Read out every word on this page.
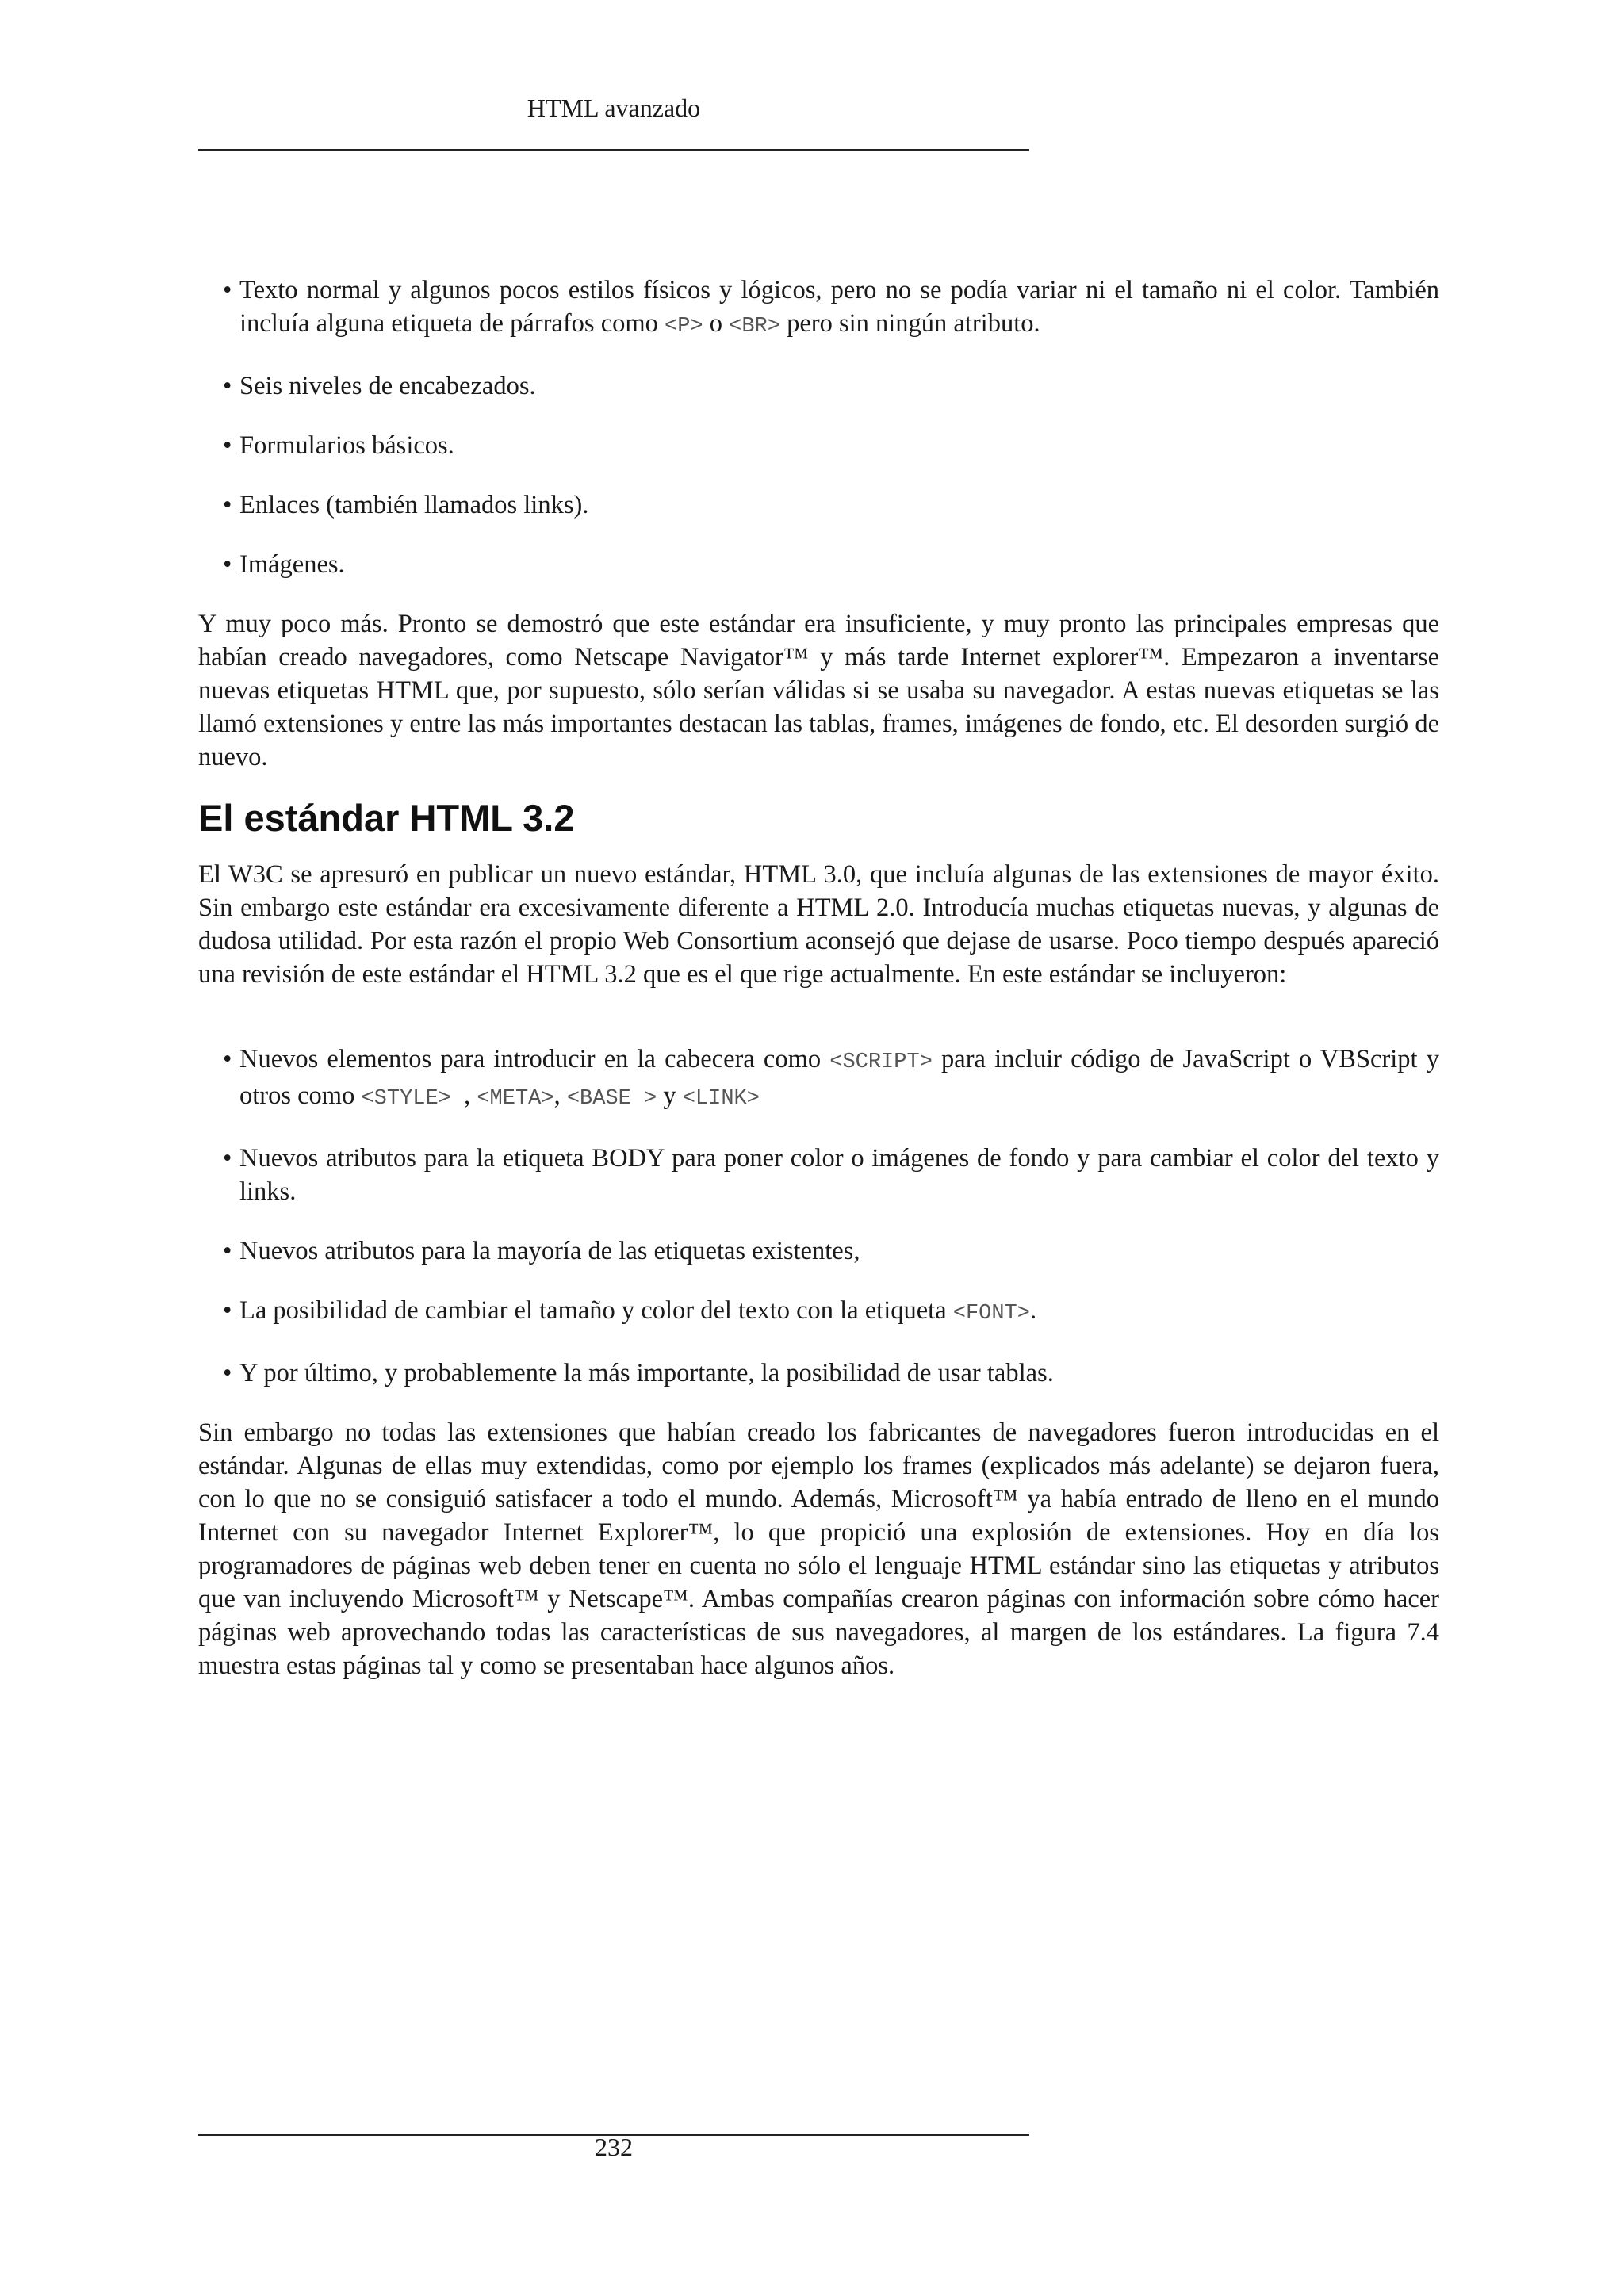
HTML avanzado
• Texto normal y algunos pocos estilos físicos y lógicos, pero no se podía variar ni el tamaño ni el color. También incluía alguna etiqueta de párrafos como <P> o <BR> pero sin ningún atributo.
• Seis niveles de encabezados.
• Formularios básicos.
• Enlaces (también llamados links).
• Imágenes.

Y muy poco más. Pronto se demostró que este estándar era insuficiente, y muy pronto las principales empresas que habían creado navegadores, como Netscape Navigator™ y más tarde Internet explorer™. Empezaron a inventarse nuevas etiquetas HTML que, por supuesto, sólo serían válidas si se usaba su navegador. A estas nuevas etiquetas se las llamó extensiones y entre las más importantes destacan las tablas, frames, imágenes de fondo, etc. El desorden surgió de nuevo.

El estándar HTML 3.2

El W3C se apresuró en publicar un nuevo estándar, HTML 3.0, que incluía algunas de las extensiones de mayor éxito. Sin embargo este estándar era excesivamente diferente a HTML 2.0. Introducía muchas etiquetas nuevas, y algunas de dudosa utilidad. Por esta razón el propio Web Consortium aconsejó que dejase de usarse. Poco tiempo después apareció una revisión de este estándar el HTML 3.2 que es el que rige actualmente. En este estándar se incluyeron:

• Nuevos elementos para introducir en la cabecera como <SCRIPT> para incluir código de JavaScript o VBScript y otros como <STYLE> , <META>, <BASE > y <LINK>
• Nuevos atributos para la etiqueta BODY para poner color o imágenes de fondo y para cambiar el color del texto y links.
• Nuevos atributos para la mayoría de las etiquetas existentes,
• La posibilidad de cambiar el tamaño y color del texto con la etiqueta <FONT>.
• Y por último, y probablemente la más importante, la posibilidad de usar tablas.

Sin embargo no todas las extensiones que habían creado los fabricantes de navegadores fueron introducidas en el estándar. Algunas de ellas muy extendidas, como por ejemplo los frames (explicados más adelante) se dejaron fuera, con lo que no se consiguió satisfacer a todo el mundo. Además, Microsoft™ ya había entrado de lleno en el mundo Internet con su navegador Internet Explorer™, lo que propició una explosión de extensiones. Hoy en día los programadores de páginas web deben tener en cuenta no sólo el lenguaje HTML estándar sino las etiquetas y atributos que van incluyendo Microsoft™ y Netscape™. Ambas compañías crearon páginas con información sobre cómo hacer páginas web aprovechando todas las características de sus navegadores, al margen de los estándares. La figura 7.4 muestra estas páginas tal y como se presentaban hace algunos años.

232
